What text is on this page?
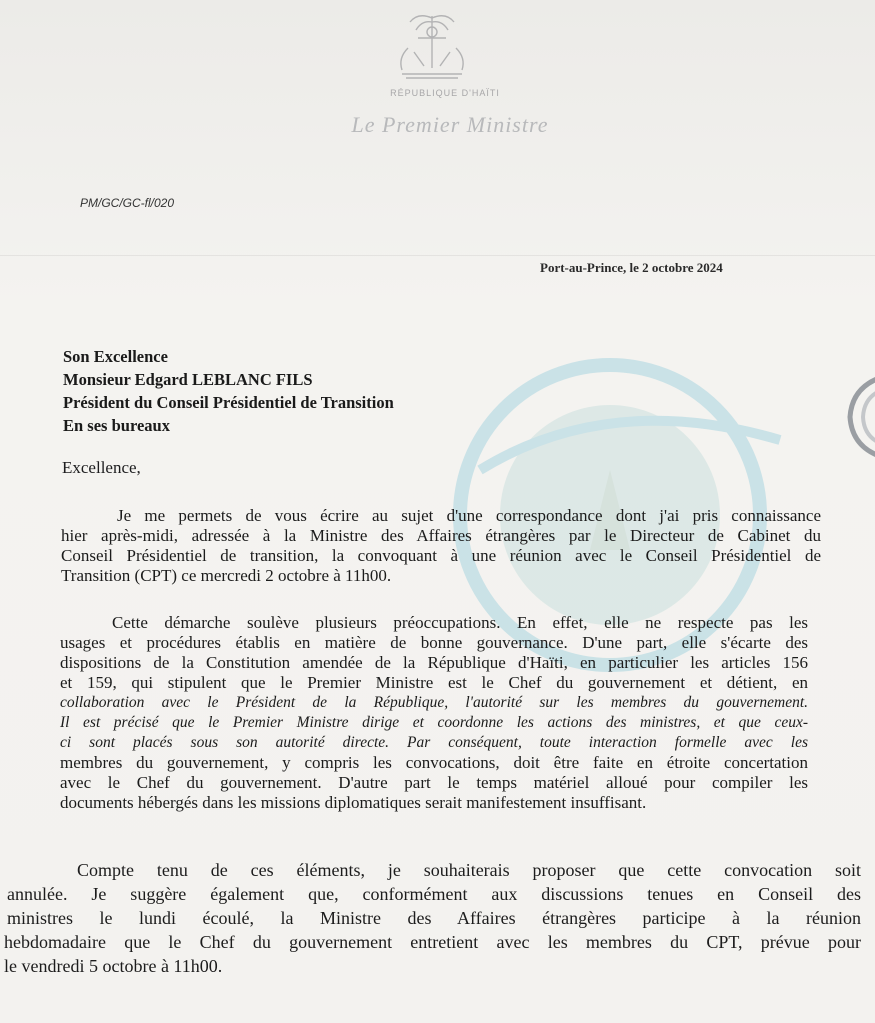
RÉPUBLIQUE D'HAÏTI
Le Premier Ministre
PM/GC/GC-fl/020
Port-au-Prince, le 2 octobre 2024
Son Excellence
Monsieur Edgard LEBLANC FILS
Président du Conseil Présidentiel de Transition
En ses bureaux
Excellence,
Je me permets de vous écrire au sujet d'une correspondance dont j'ai pris connaissance
hier après-midi, adressée à la Ministre des Affaires étrangères par le Directeur de Cabinet du
Conseil Présidentiel de transition, la convoquant à une réunion avec le Conseil Présidentiel de
Transition (CPT) ce mercredi 2 octobre à 11h00.
Cette démarche soulève plusieurs préoccupations. En effet, elle ne respecte pas les
usages et procédures établis en matière de bonne gouvernance. D'une part, elle s'écarte des
dispositions de la Constitution amendée de la République d'Haïti, en particulier les articles 156
et 159, qui stipulent que le Premier Ministre est le Chef du gouvernement et détient, en
collaboration avec le Président de la République, l'autorité sur les membres du gouvernement.
Il est précisé que le Premier Ministre dirige et coordonne les actions des ministres, et que ceux-
ci sont placés sous son autorité directe. Par conséquent, toute interaction formelle avec les
membres du gouvernement, y compris les convocations, doit être faite en étroite concertation
avec le Chef du gouvernement. D'autre part le temps matériel alloué pour compiler les
documents hébergés dans les missions diplomatiques serait manifestement insuffisant.
Compte tenu de ces éléments, je souhaiterais proposer que cette convocation soit
annulée. Je suggère également que, conformément aux discussions tenues en Conseil des
ministres le lundi écoulé, la Ministre des Affaires étrangères participe à la réunion
hebdomadaire que le Chef du gouvernement entretient avec les membres du CPT, prévue pour
le vendredi 5 octobre à 11h00.
